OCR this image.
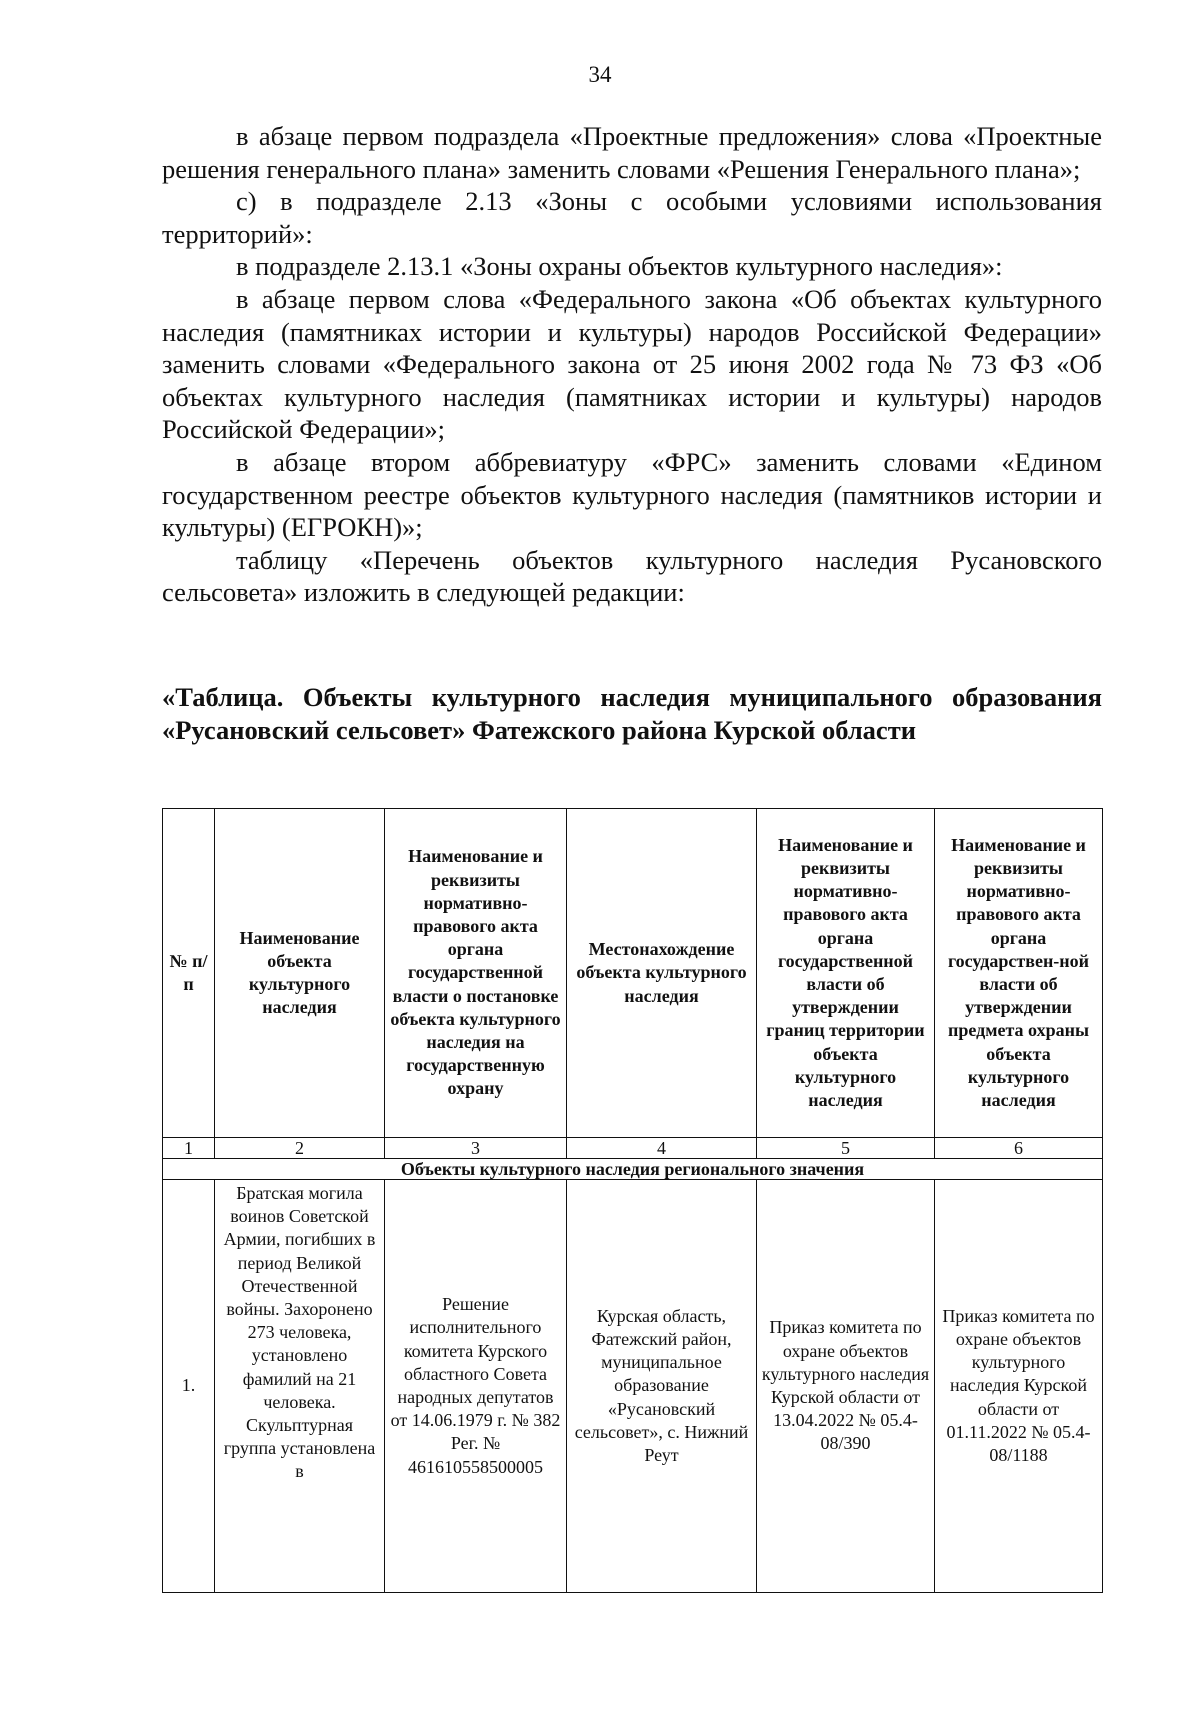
34

в абзаце первом подраздела «Проектные предложения» слова «Проектные решения генерального плана» заменить словами «Решения Генерального плана»;

с) в подразделе 2.13 «Зоны с особыми условиями использования территорий»:

в подразделе 2.13.1 «Зоны охраны объектов культурного наследия»:

в абзаце первом слова «Федерального закона «Об объектах культурного наследия (памятниках истории и культуры) народов Российской Федерации» заменить словами «Федерального закона от 25 июня 2002 года № 73 ФЗ «Об объектах культурного наследия (памятниках истории и культуры) народов Российской Федерации»;

в абзаце втором аббревиатуру «ФРС» заменить словами «Едином государственном реестре объектов культурного наследия (памятников истории и культуры) (ЕГРОКН)»;

таблицу «Перечень объектов культурного наследия Русановского сельсовета» изложить в следующей редакции:

«Таблица. Объекты культурного наследия муниципального образования «Русановский сельсовет» Фатежского района Курской области

№ п/п	Наименование объекта культурного наследия	Наименование и реквизиты нормативно-правового акта органа государственной власти о постановке объекта культурного наследия на государственную охрану	Местонахождение объекта культурного наследия	Наименование и реквизиты нормативно-правового акта органа государственной власти об утверждении границ территории объекта культурного наследия	Наименование и реквизиты нормативно-правового акта органа государствен-ной власти об утверждении предмета охраны объекта культурного наследия
1	2	3	4	5	6
Объекты культурного наследия регионального значения					
1.	Братская могила воинов Советской Армии, погибших в период Великой Отечественной войны. Захоронено 273 человека, установлено фамилий на 21 человека. Скульптурная группа установлена в	Решение исполнительного комитета Курского областного Совета народных депутатов от 14.06.1979 г. № 382 Рег. № 461610558500005	Курская область, Фатежский район, муниципальное образование «Русановский сельсовет», с. Нижний Реут	Приказ комитета по охране объектов культурного наследия Курской области от 13.04.2022 № 05.4-08/390	Приказ комитета по охране объектов культурного наследия Курской области от 01.11.2022 № 05.4-08/1188
